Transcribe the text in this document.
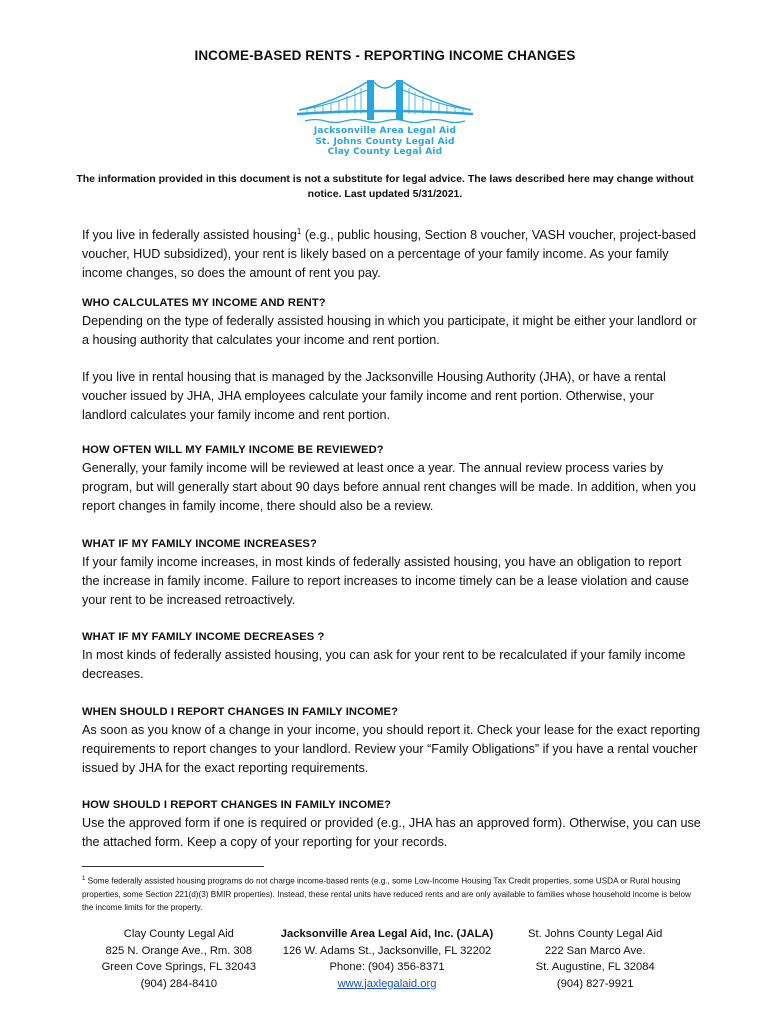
INCOME-BASED RENTS - REPORTING INCOME CHANGES
Jacksonville Area Legal Aid
St. Johns County Legal Aid
Clay County Legal Aid
The information provided in this document is not a substitute for legal advice. The laws described here may change without notice. Last updated 5/31/2021.
If you live in federally assisted housing$^1$ (e.g., public housing, Section 8 voucher, VASH voucher, project-based voucher, HUD subsidized), your rent is likely based on a percentage of your family income. As your family income changes, so does the amount of rent you pay.
WHO CALCULATES MY INCOME AND RENT?

Depending on the type of federally assisted housing in which you participate, it might be either your landlord or a housing authority that calculates your income and rent portion.

If you live in rental housing that is managed by the Jacksonville Housing Authority (JHA), or have a rental voucher issued by JHA, JHA employees calculate your family income and rent portion. Otherwise, your landlord calculates your family income and rent portion.

HOW OFTEN WILL MY FAMILY INCOME BE REVIEWED?

Generally, your family income will be reviewed at least once a year. The annual review process varies by program, but will generally start about 90 days before annual rent changes will be made. In addition, when you report changes in family income, there should also be a review.

WHAT IF MY FAMILY INCOME INCREASES?

If your family income increases, in most kinds of federally assisted housing, you have an obligation to report the increase in family income. Failure to report increases to income timely can be a lease violation and cause your rent to be increased retroactively.

WHAT IF MY FAMILY INCOME DECREASES ?

In most kinds of federally assisted housing, you can ask for your rent to be recalculated if your family income decreases.

WHEN SHOULD I REPORT CHANGES IN FAMILY INCOME?

As soon as you know of a change in your income, you should report it. Check your lease for the exact reporting requirements to report changes to your landlord. Review your “Family Obligations” if you have a rental voucher issued by JHA for the exact reporting requirements.

HOW SHOULD I REPORT CHANGES IN FAMILY INCOME?

Use the approved form if one is required or provided (e.g., JHA has an approved form). Otherwise, you can use the attached form. Keep a copy of your reporting for your records.

$^1$ Some federally assisted housing programs do not charge income-based rents (e.g., some Low-Income Housing Tax Credit properties, some USDA or Rural housing properties, some Section 221(d)(3) BMIR properties). Instead, these rental units have reduced rents and are only available to families whose household income is below the income limits for the property.
Clay County Legal Aid
825 N. Orange Ave., Rm. 308
Green Cove Springs, FL 32043
(904) 284-8410
Jacksonville Area Legal Aid, Inc. (JALA)
126 W. Adams St., Jacksonville, FL 32202
Phone: (904) 356-8371
www.jaxlegalaid.org
St. Johns County Legal Aid
222 San Marco Ave.
St. Augustine, FL 32084
(904) 827-9921
